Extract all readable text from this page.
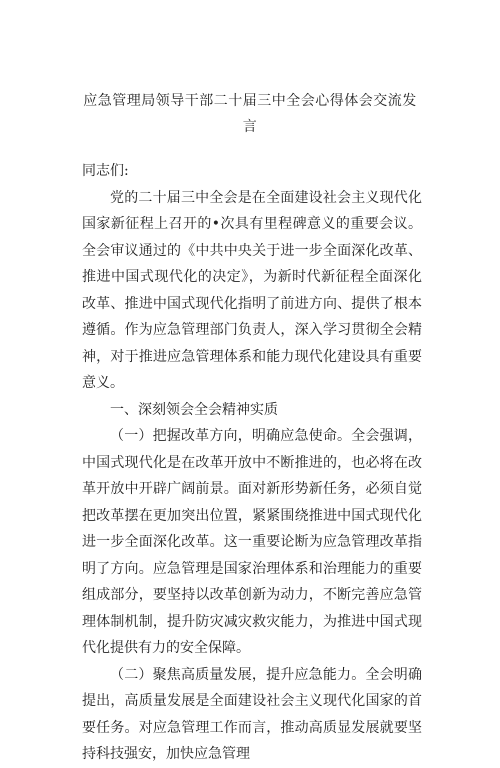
应急管理局领导干部二十届三中全会心得体会交流发
言

同志们:

党的二十届三中全会是在全面建设社会主义现代化国家新征程上召开的•次具有里程碑意义的重要会议。全会审议通过的《中共中央关于进一步全面深化改革、推进中国式现代化的决定》，为新时代新征程全面深化改革、推进中国式现代化指明了前进方向、提供了根本遵循。作为应急管理部门负责人，深入学习贯彻全会精神，对于推进应急管理体系和能力现代化建设具有重要意义。

一、深刻领会全会精神实质

（一）把握改革方向，明确应急使命。全会强调，中国式现代化是在改革开放中不断推进的，也必将在改革开放中开辟广阔前景。面对新形势新任务，必须自觉把改革摆在更加突出位置，紧紧围绕推进中国式现代化进一步全面深化改革。这一重要论断为应急管理改革指明了方向。应急管理是国家治理体系和治理能力的重要组成部分，要坚持以改革创新为动力，不断完善应急管理体制机制，提升防灾减灾救灾能力，为推进中国式现代化提供有力的安全保障。

（二）聚焦高质量发展，提升应急能力。全会明确提出，高质量发展是全面建设社会主义现代化国家的首要任务。对应急管理工作而言，推动高质显发展就要坚持科技强安，加快应急管理
